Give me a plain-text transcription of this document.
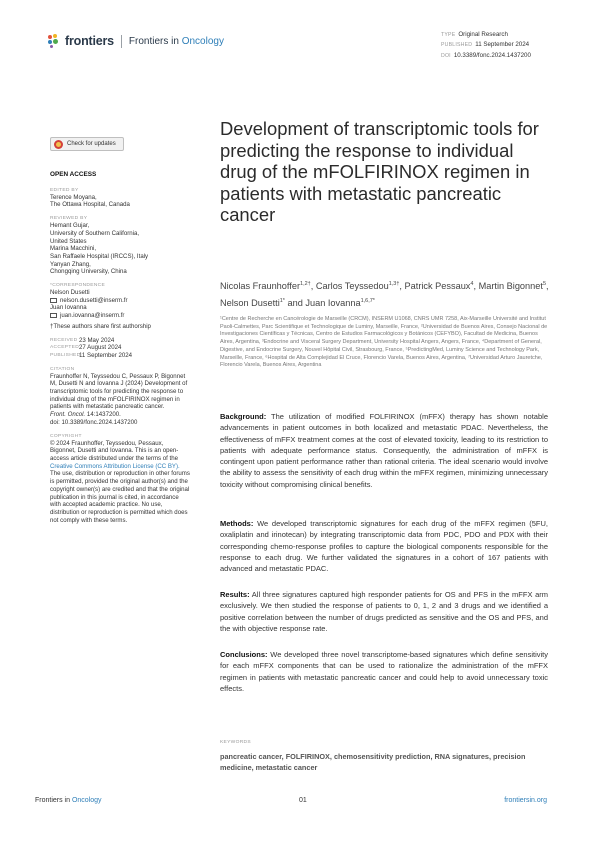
frontiers Frontiers in Oncology
TYPE Original Research
PUBLISHED 11 September 2024
DOI 10.3389/fonc.2024.1437200
Check for updates
OPEN ACCESS
EDITED BY
Terence Moyana,
The Ottawa Hospital, Canada
REVIEWED BY
Hemant Gujar,
University of Southern California,
United States
Marina Macchini,
San Raffaele Hospital (IRCCS), Italy
Yanyan Zhang,
Chongqing University, China
*CORRESPONDENCE
Nelson Dusetti
nelson.dusetti@inserm.fr
Juan Iovanna
juan.iovanna@inserm.fr
†These authors share first authorship
RECEIVED 23 May 2024
ACCEPTED 27 August 2024
PUBLISHED
11 September 2024
CITATION
Fraunhoffer N, Teyssedou C, Pessaux P, Bigonnet M, Dusetti N and Iovanna J (2024) Development of transcriptomic tools for predicting the response to individual drug of the mFOLFIRINOX regimen in patients with metastatic pancreatic cancer.
Front. Oncol. 14:1437200.
doi: 10.3389/fonc.2024.1437200
COPYRIGHT
© 2024 Fraunhoffer, Teyssedou, Pessaux, Bigonnet, Dusetti and Iovanna. This is an open-access article distributed under the terms of the Creative Commons Attribution License (CC BY). The use, distribution or reproduction in other forums is permitted, provided the original author(s) and the copyright owner(s) are credited and that the original publication in this journal is cited, in accordance with accepted academic practice. No use, distribution or reproduction is permitted which does not comply with these terms.
Development of transcriptomic tools for predicting the response to individual drug of the mFOLFIRINOX regimen in patients with metastatic pancreatic cancer
Nicolas Fraunhoffer$^{1,2\dagger}$, Carlos Teyssedou$^{1,3\dagger}$, Patrick Pessaux$^4$, Martin Bigonnet$^5$, Nelson Dusetti$^{1*}$ and Juan Iovanna$^{1,6,7*}$
¹Centre de Recherche en Cancérologie de Marseille (CRCM), INSERM U1068, CNRS UMR 7258, Aix-Marseille Université and Institut Paoli-Calmettes, Parc Scientifique et Technologique de Luminy, Marseille, France, ²Universidad de Buenos Aires, Consejo Nacional de Investigaciones Científicas y Técnicas, Centro de Estudios Farmacológicos y Botánicos (CEFYBO), Facultad de Medicina, Buenos Aires, Argentina, ³Endocrine and Visceral Surgery Department, University Hospital Angers, Angers, France, ⁴Department of General, Digestive, and Endocrine Surgery, Nouvel Hôpital Civil, Strasbourg, France, ⁵PredictingMed, Luminy Science and Technology Park, Marseille, France, ⁶Hospital de Alta Complejidad El Cruce, Florencio Varela, Buenos Aires, Argentina, ⁷Universidad Arturo Jauretche, Florencio Varela, Buenos Aires, Argentina
Background: The utilization of modified FOLFIRINOX (mFFX) therapy has shown notable advancements in patient outcomes in both localized and metastatic PDAC. Nevertheless, the effectiveness of mFFX treatment comes at the cost of elevated toxicity, leading to its restriction to patients with adequate performance status. Consequently, the administration of mFFX is contingent upon patient performance rather than rational criteria. The ideal scenario would involve the ability to assess the sensitivity of each drug within the mFFX regimen, minimizing unnecessary toxicity without compromising clinical benefits.
Methods: We developed transcriptomic signatures for each drug of the mFFX regimen (5FU, oxaliplatin and irinotecan) by integrating transcriptomic data from PDC, PDO and PDX with their corresponding chemo-response profiles to capture the biological components responsible for the response to each drug. We further validated the signatures in a cohort of 167 patients with advanced and metastatic PDAC.
Results: All three signatures captured high responder patients for OS and PFS in the mFFX arm exclusively. We then studied the response of patients to 0, 1, 2 and 3 drugs and we identified a positive correlation between the number of drugs predicted as sensitive and the OS and PFS, and the with objective response rate.
Conclusions: We developed three novel transcriptome-based signatures which define sensitivity for each mFFX components that can be used to rationalize the administration of the mFFX regimen in patients with metastatic pancreatic cancer and could help to avoid unnecessary toxic effects.
KEYWORDS
pancreatic cancer, FOLFIRINOX, chemosensitivity prediction, RNA signatures, precision medicine, metastatic cancer
Frontiers in Oncology	01	frontiersin.org
